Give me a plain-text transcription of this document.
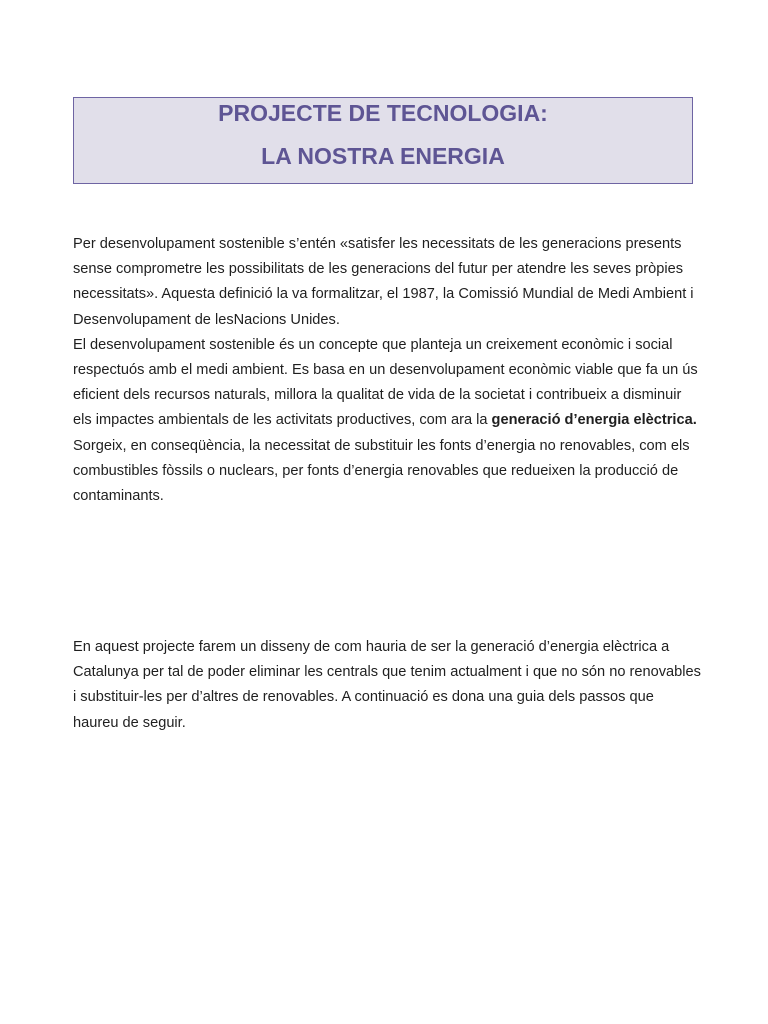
PROJECTE DE TECNOLOGIA:
LA NOSTRA ENERGIA

Per desenvolupament sostenible s’entén «satisfer les necessitats de les generacions presents sense comprometre les possibilitats de les generacions del futur per atendre les seves pròpies necessitats». Aquesta definició la va formalitzar, el 1987, la Comissió Mundial de Medi Ambient i Desenvolupament de lesNacions Unides.

El desenvolupament sostenible és un concepte que planteja un creixement econòmic i social respectuós amb el medi ambient. Es basa en un desenvolupament econòmic viable que fa un ús eficient dels recursos naturals, millora la qualitat de vida de la societat i contribueix a disminuir els impactes ambientals de les activitats productives, com ara la generació d’energia elèctrica.

Sorgeix, en conseqüència, la necessitat de substituir les fonts d’energia no renovables, com els combustibles fòssils o nuclears, per fonts d’energia renovables que redueixen la producció de contaminants.

En aquest projecte farem un disseny de com hauria de ser la generació d’energia elèctrica a Catalunya per tal de poder eliminar les centrals que tenim actualment i que no són no renovables i substituir-les per d’altres de renovables. A continuació es dona una guia dels passos que haureu de seguir.
